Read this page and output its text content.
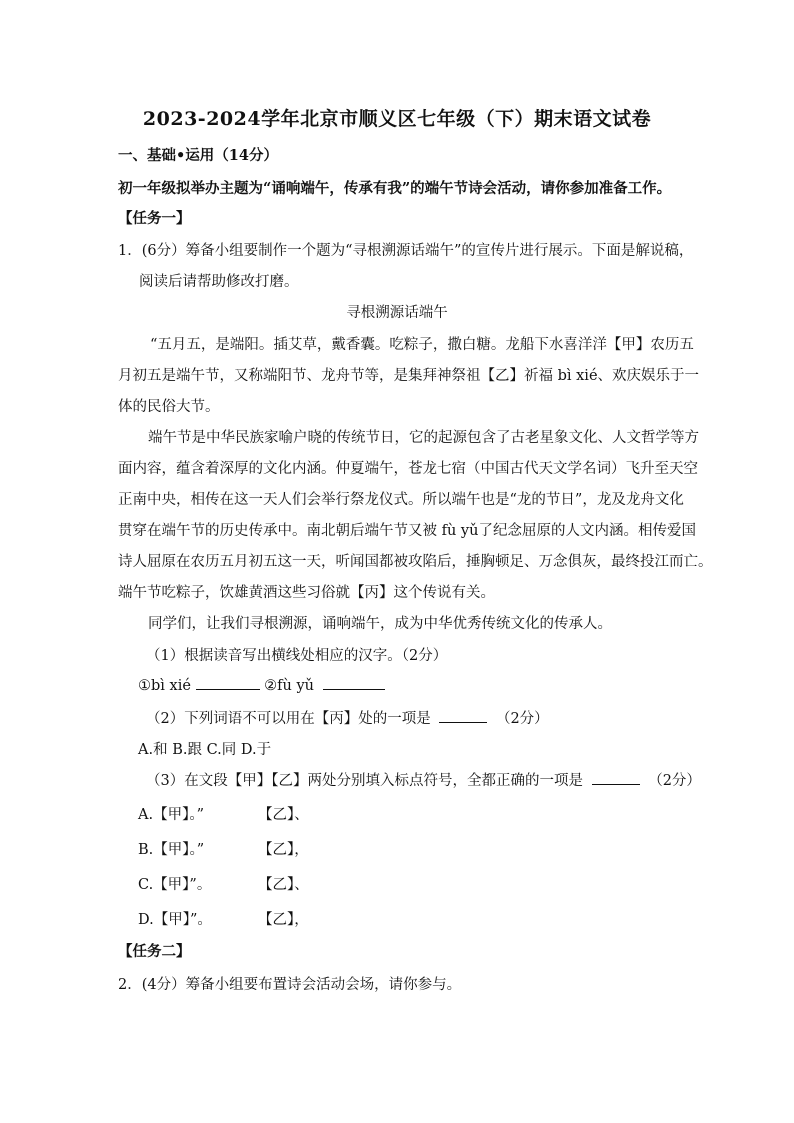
2023-2024学年北京市顺义区七年级（下）期末语文试卷
一、基础•运用（14分）
初一年级拟举办主题为“诵响端午，传承有我”的端午节诗会活动，请你参加准备工作。
【任务一】
1．(6分）筹备小组要制作一个题为“寻根溯源话端午”的宣传片进行展示。下面是解说稿，
阅读后请帮助修改打磨。
寻根溯源话端午
“五月五，是端阳。插艾草，戴香囊。吃粽子，撒白糖。龙船下水喜洋洋【甲】农历五
月初五是端午节，又称端阳节、龙舟节等，是集拜神祭祖【乙】祈福 bì xié、欢庆娱乐于一
体的民俗大节。
端午节是中华民族家喻户晓的传统节日，它的起源包含了古老星象文化、人文哲学等方
面内容，蕴含着深厚的文化内涵。仲夏端午，苍龙七宿（中国古代天文学名词）飞升至天空
正南中央，相传在这一天人们会举行祭龙仪式。所以端午也是“龙的节日”，龙及龙舟文化
贯穿在端午节的历史传承中。南北朝后端午节又被 fù yǔ了纪念屈原的人文内涵。相传爱国
诗人屈原在农历五月初五这一天，听闻国都被攻陷后，捶胸顿足、万念俱灰，最终投江而亡。
端午节吃粽子，饮雄黄酒这些习俗就【丙】这个传说有关。
同学们，让我们寻根溯源，诵响端午，成为中华优秀传统文化的传承人。
（1）根据读音写出横线处相应的汉字。（2分）
①bì xié	②fù yǔ
（2）下列词语不可以用在【丙】处的一项是	（2分）
A.和 B.跟 C.同 D.于
（3）在文段【甲】【乙】两处分别填入标点符号，全都正确的一项是	（2分）
A.【甲】。”	【乙】、
B.【甲】。”	【乙】，
C.【甲】”。	【乙】、
D.【甲】”。	【乙】，
【任务二】
2．(4分）筹备小组要布置诗会活动会场，请你参与。
